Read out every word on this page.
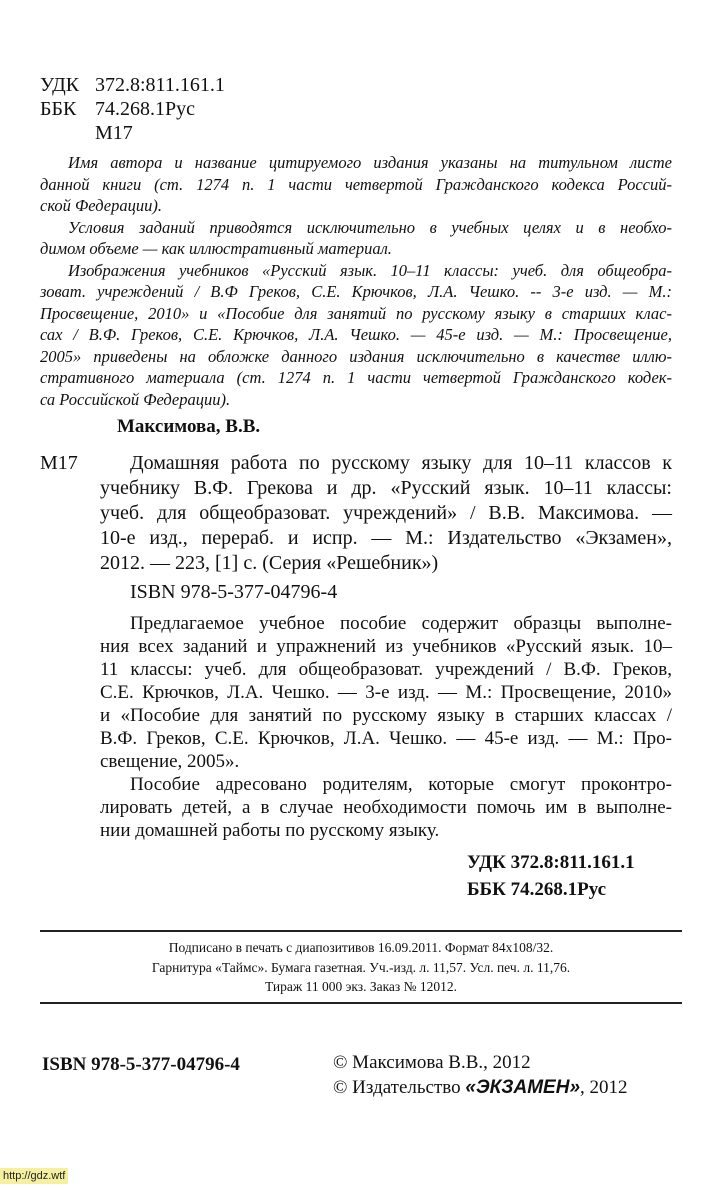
УДК 372.8:811.161.1
ББК 74.268.1Рус
М17
Имя автора и название цитируемого издания указаны на титульном листе
данной книги (ст. 1274 п. 1 части четвертой Гражданского кодекса Россий-
ской Федерации).
Условия заданий приводятся исключительно в учебных целях и в необхо-
димом объеме — как иллюстративный материал.
Изображения учебников «Русский язык. 10–11 классы: учеб. для общеобра-
зоват. учреждений / В.Ф Греков, С.Е. Крючков, Л.А. Чешко. -- 3-е изд. — М.:
Просвещение, 2010» и «Пособие для занятий по русскому языку в старших клас-
сах / В.Ф. Греков, С.Е. Крючков, Л.А. Чешко. — 45-е изд. — М.: Просвещение,
2005» приведены на обложке данного издания исключительно в качестве иллю-
стративного материала (ст. 1274 п. 1 части четвертой Гражданского кодек-
са Российской Федерации).
Максимова, В.В.
М17	Домашняя работа по русскому языку для 10–11 классов к
учебнику В.Ф. Грекова и др. «Русский язык. 10–11 классы:
учеб. для общеобразоват. учреждений» / В.В. Максимова. —
10-е изд., перераб. и испр. — М.: Издательство «Экзамен»,
2012. — 223, [1] с. (Серия «Решебник»)
ISBN 978-5-377-04796-4
Предлагаемое учебное пособие содержит образцы выполне-
ния всех заданий и упражнений из учебников «Русский язык. 10–
11 классы: учеб. для общеобразоват. учреждений / В.Ф. Греков,
С.Е. Крючков, Л.А. Чешко. — 3-е изд. — М.: Просвещение, 2010»
и «Пособие для занятий по русскому языку в старших классах /
В.Ф. Греков, С.Е. Крючков, Л.А. Чешко. — 45-е изд. — М.: Про-
свещение, 2005».
Пособие адресовано родителям, которые смогут проконтро-
лировать детей, а в случае необходимости помочь им в выполне-
нии домашней работы по русскому языку.
УДК 372.8:811.161.1
ББК 74.268.1Рус
Подписано в печать с диапозитивов 16.09.2011. Формат 84х108/32.
Гарнитура «Таймс». Бумага газетная. Уч.-изд. л. 11,57. Усл. печ. л. 11,76.
Тираж 11 000 экз. Заказ № 12012.
ISBN 978-5-377-04796-4	© Максимова В.В., 2012
© Издательство «ЭКЗАМЕН», 2012
http://gdz.wtf
